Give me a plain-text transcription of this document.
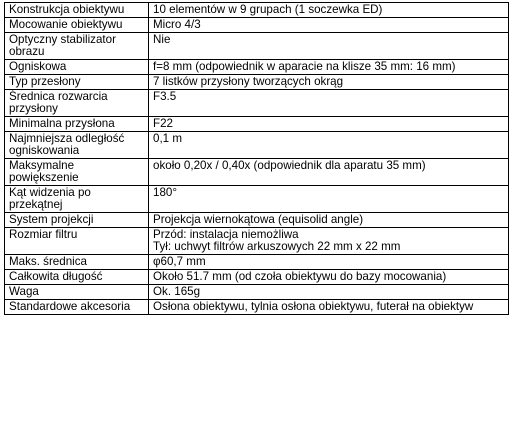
Konstrukcja obiektywu	10 elementów w 9 grupach (1 soczewka ED)
Mocowanie obiektywu	Micro 4/3
Optyczny stabilizator obrazu	Nie
Ogniskowa	f=8 mm (odpowiednik w aparacie na klisze 35 mm: 16 mm)
Typ przesłony	7 listków przysłony tworzących okrąg
Średnica rozwarcia przysłony	F3.5
Minimalna przysłona	F22
Najmniejsza odległość ogniskowania	0,1 m
Maksymalne powiększenie	około 0,20x / 0,40x (odpowiednik dla aparatu 35 mm)
Kąt widzenia po przekątnej	180°
System projekcji	Projekcja wiernokątowa (equisolid angle)
Rozmiar filtru	Przód: instalacja niemożliwa
Tył: uchwyt filtrów arkuszowych 22 mm x 22 mm

Maks. średnica	φ60,7 mm
Całkowita długość	Około 51.7 mm (od czoła obiektywu do bazy mocowania)
Waga	Ok. 165g
Standardowe akcesoria	Osłona obiektywu, tylnia osłona obiektywu, futerał na obiektyw
